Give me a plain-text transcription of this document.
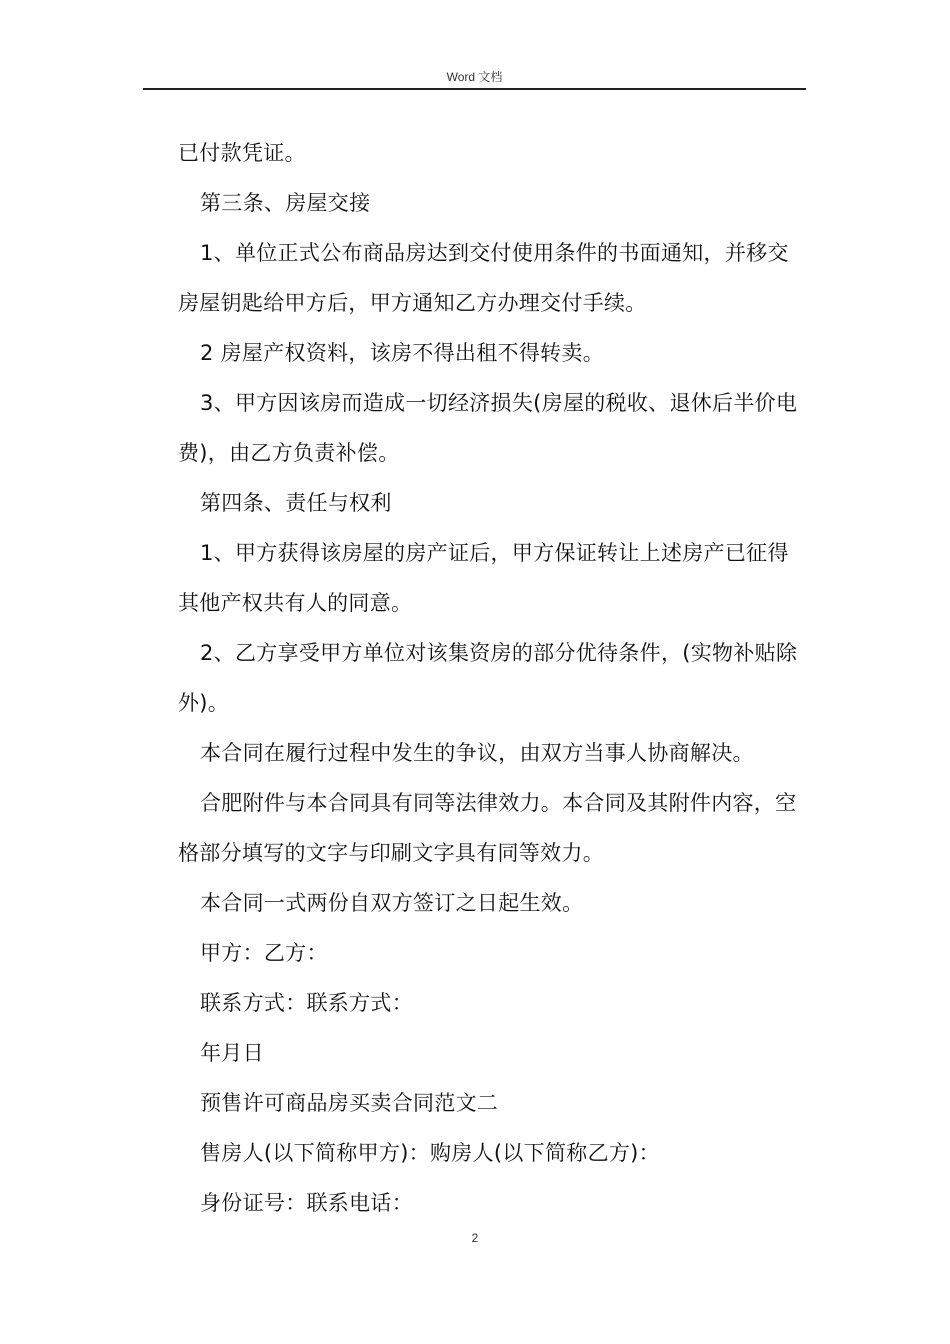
Word 文档

已付款凭证。

第三条、房屋交接

1、单位正式公布商品房达到交付使用条件的书面通知，并移交房屋钥匙给甲方后，甲方通知乙方办理交付手续。

2 房屋产权资料，该房不得出租不得转卖。

3、甲方因该房而造成一切经济损失(房屋的税收、退休后半价电费)，由乙方负责补偿。

第四条、责任与权利

1、甲方获得该房屋的房产证后，甲方保证转让上述房产已征得其他产权共有人的同意。

2、乙方享受甲方单位对该集资房的部分优待条件，(实物补贴除外)。

本合同在履行过程中发生的争议，由双方当事人协商解决。

合肥附件与本合同具有同等法律效力。本合同及其附件内容，空格部分填写的文字与印刷文字具有同等效力。

本合同一式两份自双方签订之日起生效。

甲方：乙方：

联系方式：联系方式：

年月日

预售许可商品房买卖合同范文二

售房人(以下简称甲方)：购房人(以下简称乙方)：

身份证号：联系电话：

2
